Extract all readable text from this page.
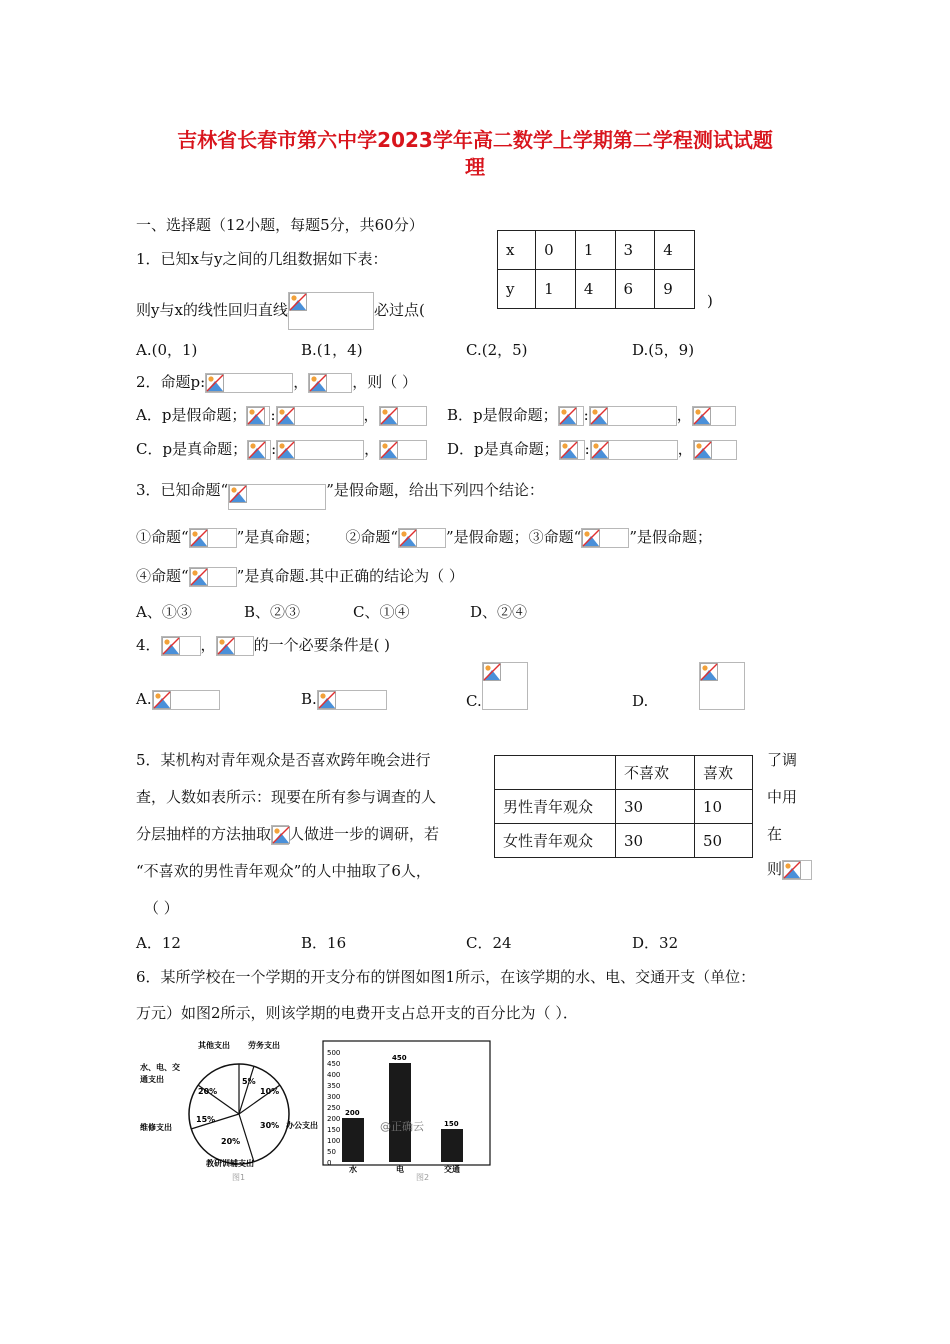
吉林省长春市第六中学2023学年高二数学上学期第二学程测试试题
理
一、选择题（12小题，每题5分，共60分）
1．已知x与y之间的几组数据如下表：
则y与x的线性回归直线	必过点(	)
x	0	1	3	4
y	1	4	6	9
A.(0，1)	B.(1，4)	C.(2，5)	D.(5，9)
2．命题p:	，	，则（ ）
A．p是假命题； :	，	B．p是假命题； :	，
C．p是真命题； :	，	D．p是真命题； :	，
3．已知命题“	”是假命题，给出下列四个结论：
①命题“	”是真命题； ②命题“	”是假命题；③命题“	”是假命题；
④命题“	”是真命题.其中正确的结论为（ ）
A、①③	B、②③	C、①④	D、②④
4．	，	的一个必要条件是( )
A.	B.	C.
	D.
5．某机构对青年观众是否喜欢跨年晚会进行
查，人数如表所示：现要在所有参与调查的人
分层抽样的方法抽取 人做进一步的调研，若
“不喜欢的男性青年观众”的人中抽取了6人，
（ ）
了调
中用
在
则
	不喜欢	喜欢
男性青年观众	30	10
女性青年观众	30	50
A．12	B．16	C．24	D．32
6．某所学校在一个学期的开支分布的饼图如图1所示，在该学期的水、电、交通开支（单位：
万元）如图2所示，则该学期的电费开支占总开支的百分比为（ ）．
5%
10%
30%
20%
15%
20%
其他支出 劳务支出
办公支出
水、电、交
通支出
维修支出
教研训辅支出
图1
500
450
400
350
300
250
200
150
100
50
0
200
水
450
电
150
交通
@正确云
图2
